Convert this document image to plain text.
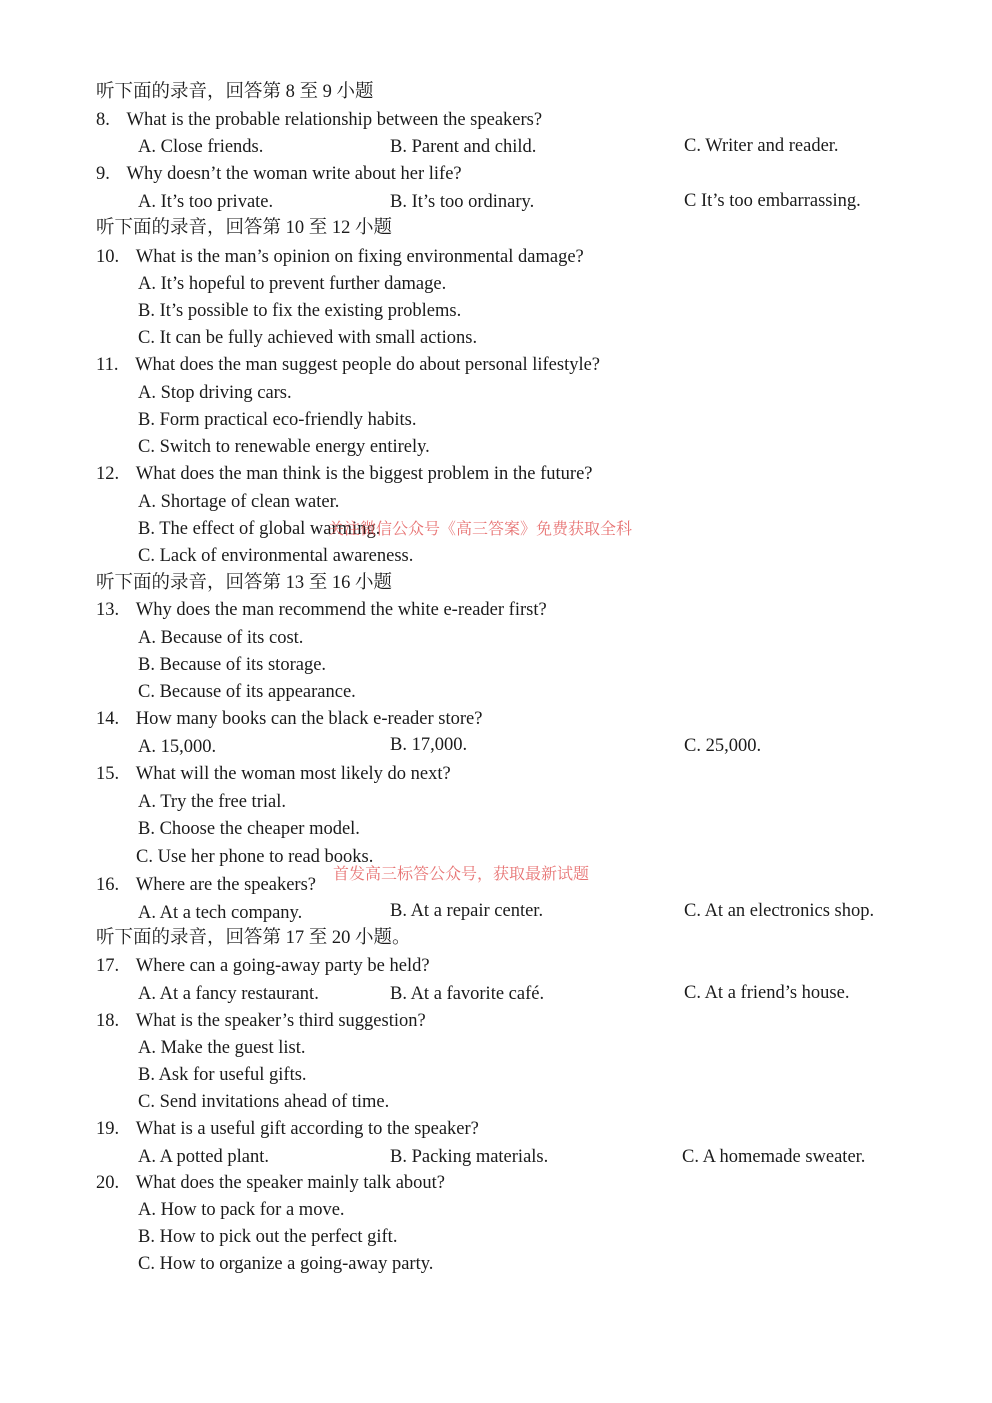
听下面的录音，回答第 8 至 9 小题
8. What is the probable relationship between the speakers?
A. Close friends.	B. Parent and child.	C. Writer and reader.
9. Why doesn’t the woman write about her life?
A. It’s too private.	B. It’s too ordinary.	C It’s too embarrassing.
听下面的录音，回答第 10 至 12 小题
10. What is the man’s opinion on fixing environmental damage?
A. It’s hopeful to prevent further damage.
B. It’s possible to fix the existing problems.
C. It can be fully achieved with small actions.
11. What does the man suggest people do about personal lifestyle?
A. Stop driving cars.
B. Form practical eco-friendly habits.
C. Switch to renewable energy entirely.
12. What does the man think is the biggest problem in the future?
A. Shortage of clean water.
B. The effect of global warming.
C. Lack of environmental awareness.
听下面的录音，回答第 13 至 16 小题
13. Why does the man recommend the white e-reader first?
A. Because of its cost.
B. Because of its storage.
C. Because of its appearance.
14. How many books can the black e-reader store?
A. 15,000.	B. 17,000.	C. 25,000.
15. What will the woman most likely do next?
A. Try the free trial.
B. Choose the cheaper model.
C. Use her phone to read books.
16. Where are the speakers?
A. At a tech company.	B. At a repair center.	C. At an electronics shop.
听下面的录音，回答第 17 至 20 小题。
17. Where can a going-away party be held?
A. At a fancy restaurant.	B. At a favorite café.	C. At a friend’s house.
18. What is the speaker’s third suggestion?
A. Make the guest list.
B. Ask for useful gifts.
C. Send invitations ahead of time.
19. What is a useful gift according to the speaker?
A. A potted plant.	B. Packing materials.	C. A homemade sweater.
20. What does the speaker mainly talk about?
A. How to pack for a move.
B. How to pick out the perfect gift.
C. How to organize a going-away party.
关注微信公众号《高三答案》免费获取全科
首发高三标答公众号，获取最新试题
